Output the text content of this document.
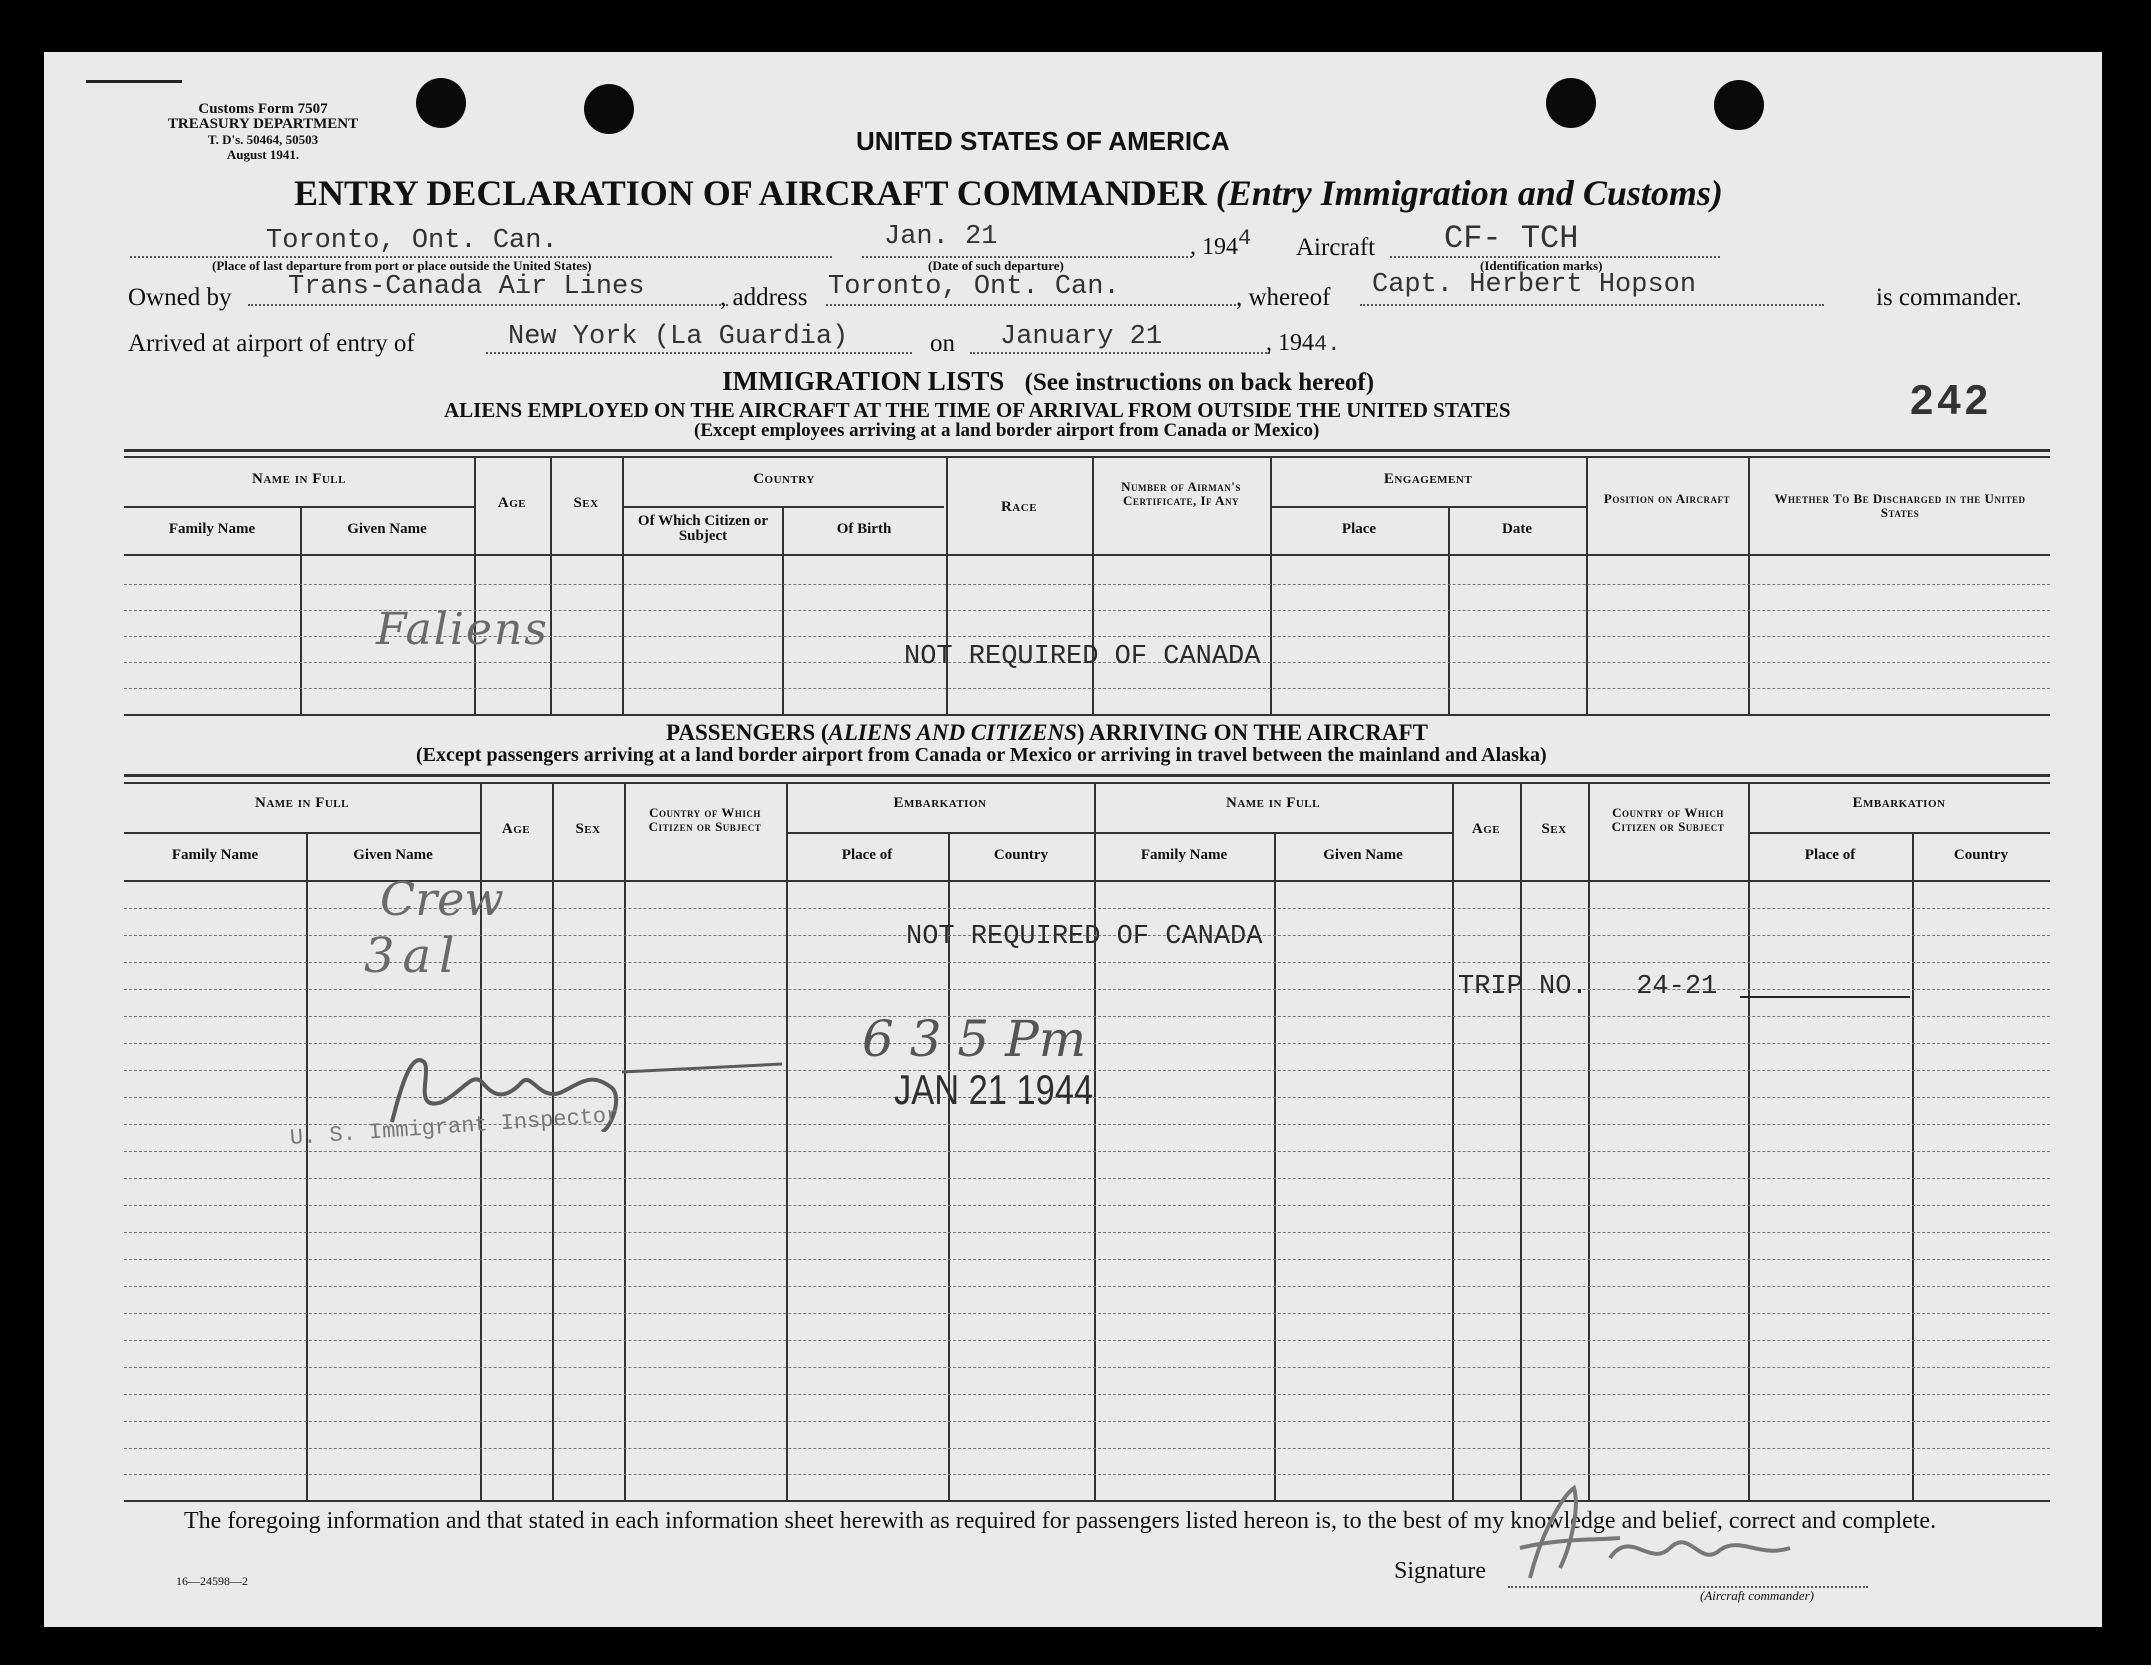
Customs Form 7507
TREASURY DEPARTMENT
T. D's. 50464, 50503
August 1941.	UNITED STATES OF AMERICA
ENTRY DECLARATION OF AIRCRAFT COMMANDER (Entry Immigration and Customs)
Toronto, Ont. Can.
(Place of last departure from port or place outside the United States)
Jan. 21
(Date of such departure)
, 1944 Aircraft CF- TCH
(Identification marks)
Owned by Trans-Canada Air Lines	, address Toronto, Ont. Can.	, whereof Capt. Herbert Hopson	is commander.
Arrived at airport of entry of	New York (La Guardia)	on January 21	, 1944.
IMMIGRATION LISTS (See instructions on back hereof)	242
ALIENS EMPLOYED ON THE AIRCRAFT AT THE TIME OF ARRIVAL FROM OUTSIDE THE UNITED STATES
(Except employees arriving at a land border airport from Canada or Mexico)
Name in Full
Family Name	Given Name
Age	Sex
Country
Of Which Citizen or Subject	Of Birth
Race
Number of Airman's Certificate, If Any
Engagement
Place	Date
Position on Aircraft	Whether To Be Discharged in the United States
Faliens
NOT REQUIRED OF CANADA
PASSENGERS (ALIENS AND CITIZENS) ARRIVING ON THE AIRCRAFT
(Except passengers arriving at a land border airport from Canada or Mexico or arriving in travel between the mainland and Alaska)
Name in Full
Family Name	Given Name
Age	Sex
Country of Which Citizen or Subject
Embarkation
Place of	Country
Name in Full
Family Name	Given Name
Age	Sex
Country of Which Citizen or Subject
Embarkation
Place of	Country
Crew
3al	NOT REQUIRED OF CANADA
TRIP NO. 24-21
6 3 5 Pm
JAN 21 1944
U. S. Immigrant Inspector
The foregoing information and that stated in each information sheet herewith as required for passengers listed hereon is, to the best of my knowledge and belief, correct and complete.
Signature
(Aircraft commander)
16—24598—2
